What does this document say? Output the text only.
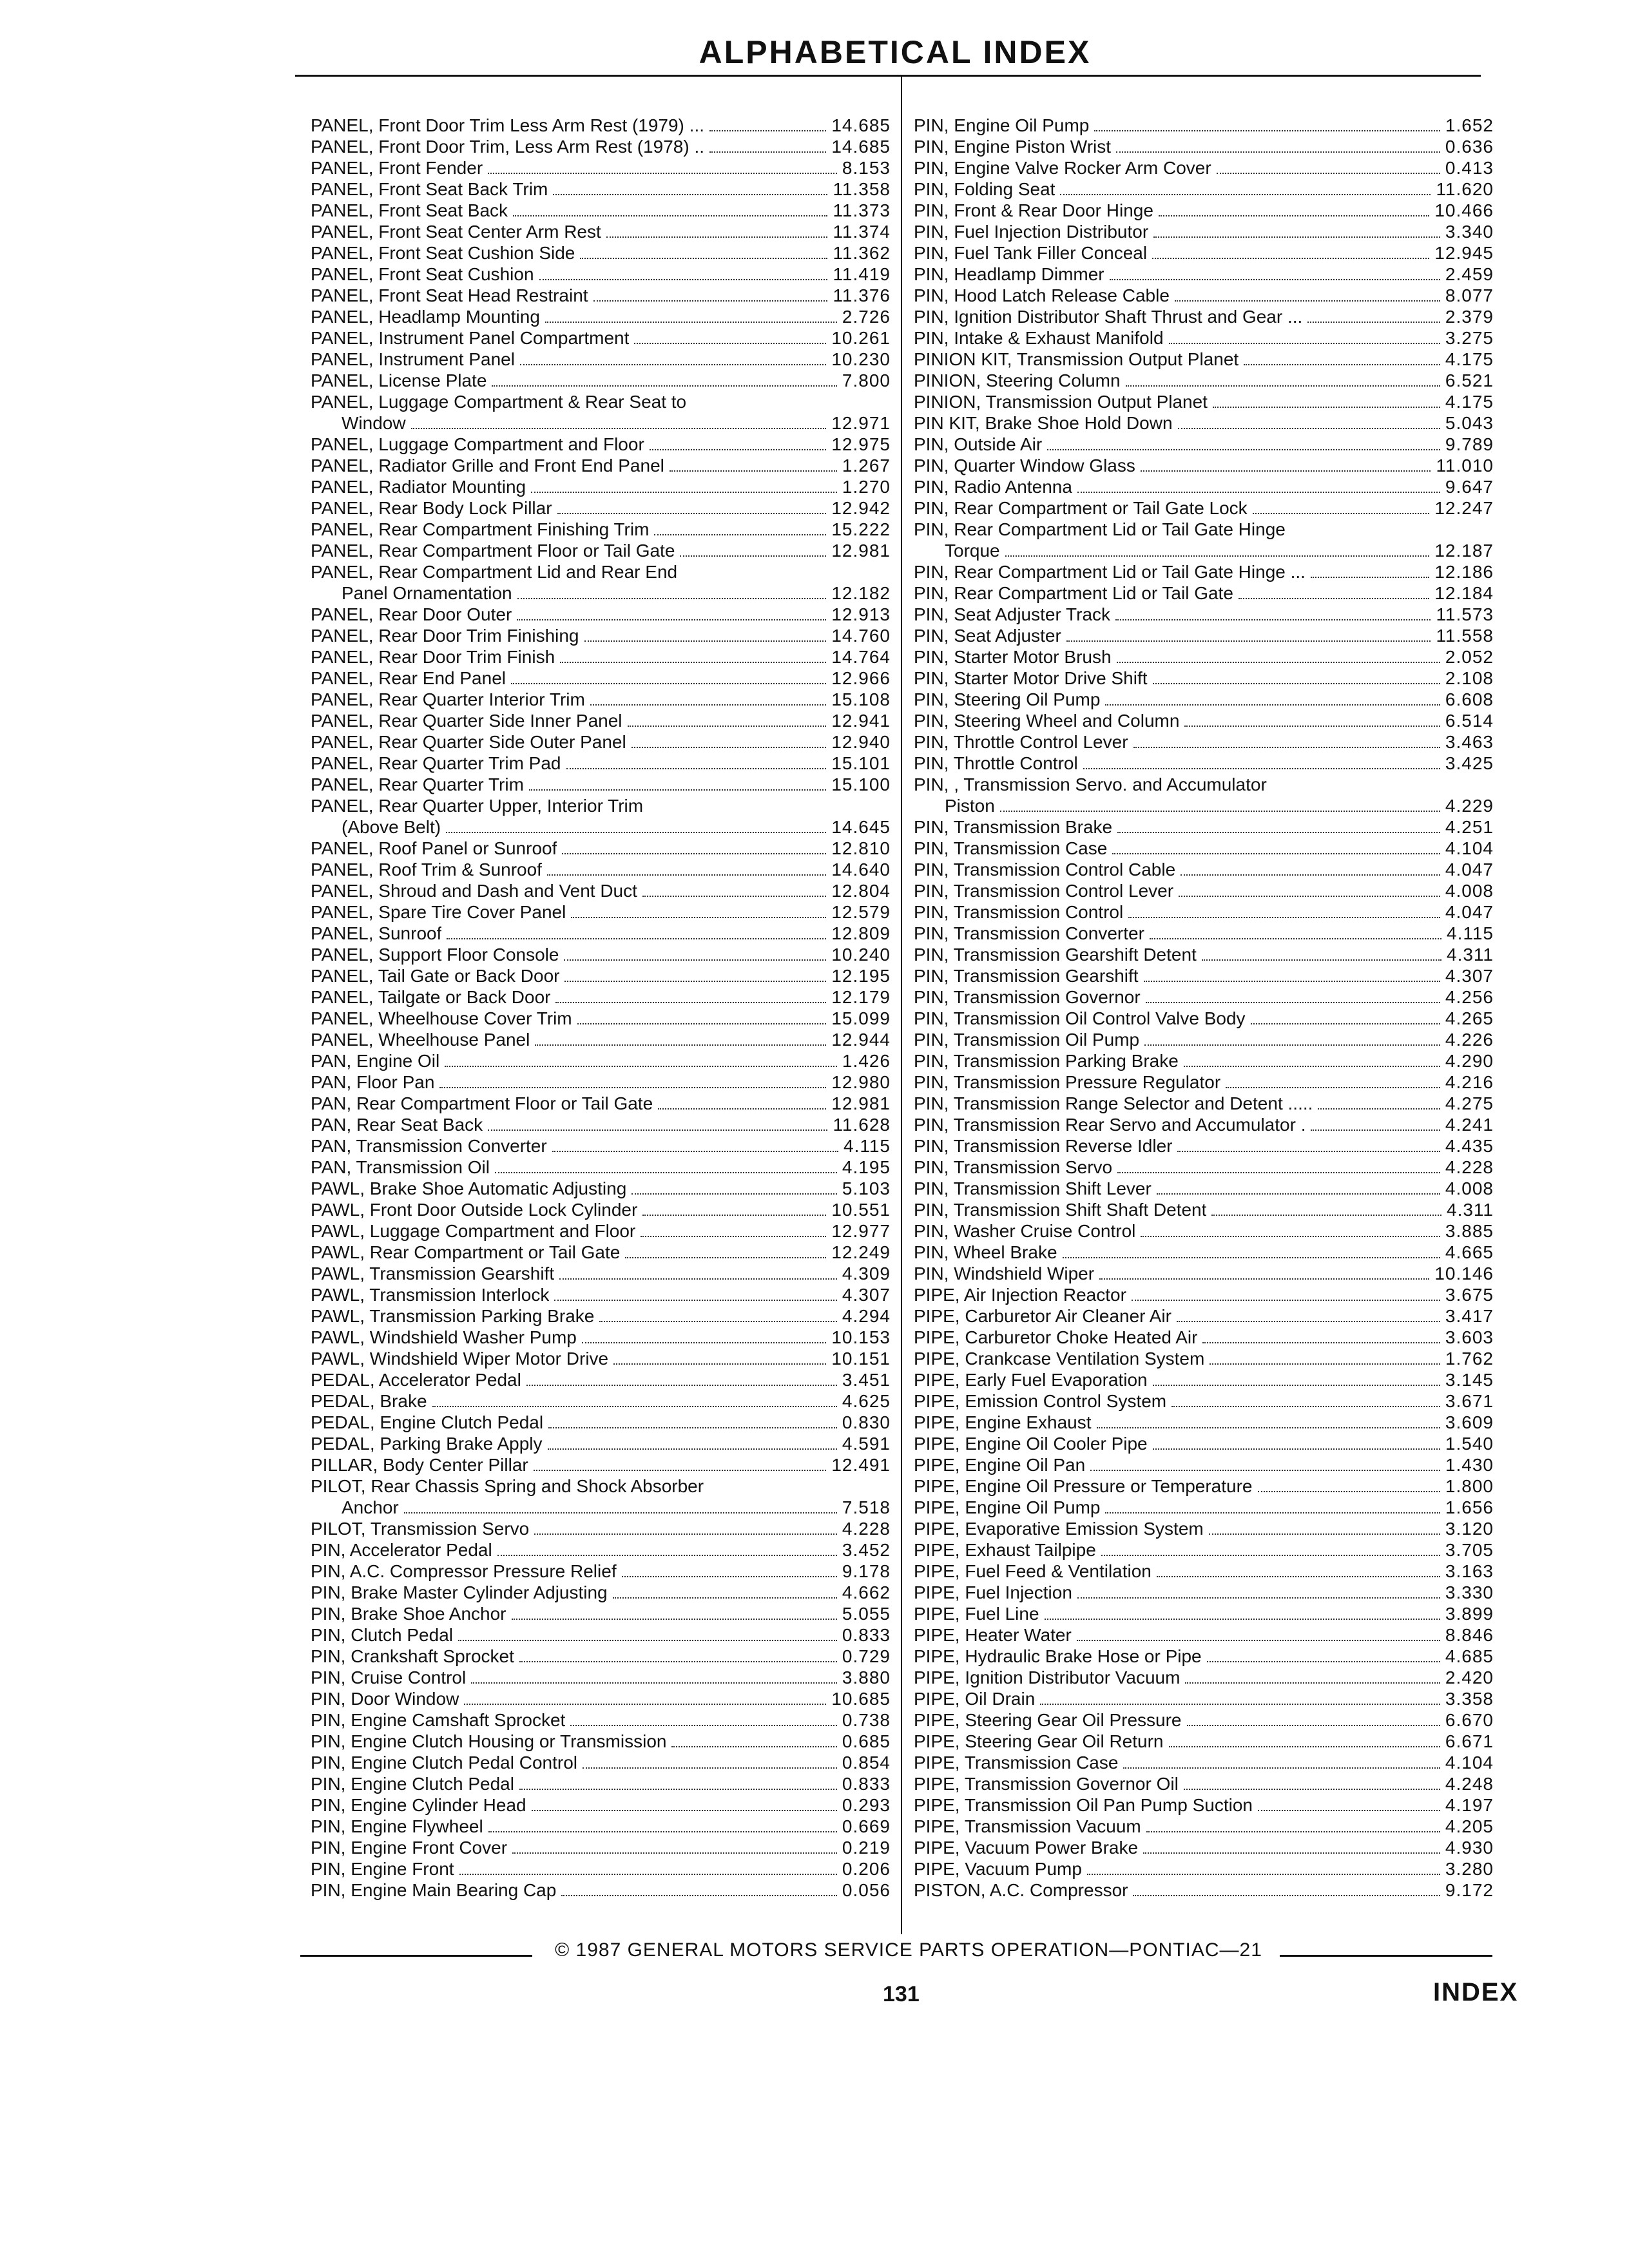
ALPHABETICAL INDEX
PANEL, Front Door Trim Less Arm Rest (1979) ...	14.685
PANEL, Front Door Trim, Less Arm Rest (1978) ..	14.685
PANEL, Front Fender	8.153
PANEL, Front Seat Back Trim	11.358
PANEL, Front Seat Back	11.373
PANEL, Front Seat Center Arm Rest	11.374
PANEL, Front Seat Cushion Side	11.362
PANEL, Front Seat Cushion	11.419
PANEL, Front Seat Head Restraint	11.376
PANEL, Headlamp Mounting	2.726
PANEL, Instrument Panel Compartment	10.261
PANEL, Instrument Panel	10.230
PANEL, License Plate	7.800
PANEL, Luggage Compartment & Rear Seat to
Window	12.971
PANEL, Luggage Compartment and Floor	12.975
PANEL, Radiator Grille and Front End Panel	1.267
PANEL, Radiator Mounting	1.270
PANEL, Rear Body Lock Pillar	12.942
PANEL, Rear Compartment Finishing Trim	15.222
PANEL, Rear Compartment Floor or Tail Gate	12.981
PANEL, Rear Compartment Lid and Rear End
Panel Ornamentation	12.182
PANEL, Rear Door Outer	12.913
PANEL, Rear Door Trim Finishing	14.760
PANEL, Rear Door Trim Finish	14.764
PANEL, Rear End Panel	12.966
PANEL, Rear Quarter Interior Trim	15.108
PANEL, Rear Quarter Side Inner Panel	12.941
PANEL, Rear Quarter Side Outer Panel	12.940
PANEL, Rear Quarter Trim Pad	15.101
PANEL, Rear Quarter Trim	15.100
PANEL, Rear Quarter Upper, Interior Trim
(Above Belt)	14.645
PANEL, Roof Panel or Sunroof	12.810
PANEL, Roof Trim & Sunroof	14.640
PANEL, Shroud and Dash and Vent Duct	12.804
PANEL, Spare Tire Cover Panel	12.579
PANEL, Sunroof	12.809
PANEL, Support Floor Console	10.240
PANEL, Tail Gate or Back Door	12.195
PANEL, Tailgate or Back Door	12.179
PANEL, Wheelhouse Cover Trim	15.099
PANEL, Wheelhouse Panel	12.944
PAN, Engine Oil	1.426
PAN, Floor Pan	12.980
PAN, Rear Compartment Floor or Tail Gate	12.981
PAN, Rear Seat Back	11.628
PAN, Transmission Converter	4.115
PAN, Transmission Oil	4.195
PAWL, Brake Shoe Automatic Adjusting	5.103
PAWL, Front Door Outside Lock Cylinder	10.551
PAWL, Luggage Compartment and Floor	12.977
PAWL, Rear Compartment or Tail Gate	12.249
PAWL, Transmission Gearshift	4.309
PAWL, Transmission Interlock	4.307
PAWL, Transmission Parking Brake	4.294
PAWL, Windshield Washer Pump	10.153
PAWL, Windshield Wiper Motor Drive	10.151
PEDAL, Accelerator Pedal	3.451
PEDAL, Brake	4.625
PEDAL, Engine Clutch Pedal	0.830
PEDAL, Parking Brake Apply	4.591
PILLAR, Body Center Pillar	12.491
PILOT, Rear Chassis Spring and Shock Absorber
Anchor	7.518
PILOT, Transmission Servo	4.228
PIN, Accelerator Pedal	3.452
PIN, A.C. Compressor Pressure Relief	9.178
PIN, Brake Master Cylinder Adjusting	4.662
PIN, Brake Shoe Anchor	5.055
PIN, Clutch Pedal	0.833
PIN, Crankshaft Sprocket	0.729
PIN, Cruise Control	3.880
PIN, Door Window	10.685
PIN, Engine Camshaft Sprocket	0.738
PIN, Engine Clutch Housing or Transmission	0.685
PIN, Engine Clutch Pedal Control	0.854
PIN, Engine Clutch Pedal	0.833
PIN, Engine Cylinder Head	0.293
PIN, Engine Flywheel	0.669
PIN, Engine Front Cover	0.219
PIN, Engine Front	0.206
PIN, Engine Main Bearing Cap	0.056
PIN, Engine Oil Pump	1.652
PIN, Engine Piston Wrist	0.636
PIN, Engine Valve Rocker Arm Cover	0.413
PIN, Folding Seat	11.620
PIN, Front & Rear Door Hinge	10.466
PIN, Fuel Injection Distributor	3.340
PIN, Fuel Tank Filler Conceal	12.945
PIN, Headlamp Dimmer	2.459
PIN, Hood Latch Release Cable	8.077
PIN, Ignition Distributor Shaft Thrust and Gear ...	2.379
PIN, Intake & Exhaust Manifold	3.275
PINION KIT, Transmission Output Planet	4.175
PINION, Steering Column	6.521
PINION, Transmission Output Planet	4.175
PIN KIT, Brake Shoe Hold Down	5.043
PIN, Outside Air	9.789
PIN, Quarter Window Glass	11.010
PIN, Radio Antenna	9.647
PIN, Rear Compartment or Tail Gate Lock	12.247
PIN, Rear Compartment Lid or Tail Gate Hinge
Torque	12.187
PIN, Rear Compartment Lid or Tail Gate Hinge ...	12.186
PIN, Rear Compartment Lid or Tail Gate	12.184
PIN, Seat Adjuster Track	11.573
PIN, Seat Adjuster	11.558
PIN, Starter Motor Brush	2.052
PIN, Starter Motor Drive Shift	2.108
PIN, Steering Oil Pump	6.608
PIN, Steering Wheel and Column	6.514
PIN, Throttle Control Lever	3.463
PIN, Throttle Control	3.425
PIN, , Transmission Servo. and Accumulator
Piston	4.229
PIN, Transmission Brake	4.251
PIN, Transmission Case	4.104
PIN, Transmission Control Cable	4.047
PIN, Transmission Control Lever	4.008
PIN, Transmission Control	4.047
PIN, Transmission Converter	4.115
PIN, Transmission Gearshift Detent	4.311
PIN, Transmission Gearshift	4.307
PIN, Transmission Governor	4.256
PIN, Transmission Oil Control Valve Body	4.265
PIN, Transmission Oil Pump	4.226
PIN, Transmission Parking Brake	4.290
PIN, Transmission Pressure Regulator	4.216
PIN, Transmission Range Selector and Detent .....	4.275
PIN, Transmission Rear Servo and Accumulator .	4.241
PIN, Transmission Reverse Idler	4.435
PIN, Transmission Servo	4.228
PIN, Transmission Shift Lever	4.008
PIN, Transmission Shift Shaft Detent	4.311
PIN, Washer Cruise Control	3.885
PIN, Wheel Brake	4.665
PIN, Windshield Wiper	10.146
PIPE, Air Injection Reactor	3.675
PIPE, Carburetor Air Cleaner Air	3.417
PIPE, Carburetor Choke Heated Air	3.603
PIPE, Crankcase Ventilation System	1.762
PIPE, Early Fuel Evaporation	3.145
PIPE, Emission Control System	3.671
PIPE, Engine Exhaust	3.609
PIPE, Engine Oil Cooler Pipe	1.540
PIPE, Engine Oil Pan	1.430
PIPE, Engine Oil Pressure or Temperature	1.800
PIPE, Engine Oil Pump	1.656
PIPE, Evaporative Emission System	3.120
PIPE, Exhaust Tailpipe	3.705
PIPE, Fuel Feed & Ventilation	3.163
PIPE, Fuel Injection	3.330
PIPE, Fuel Line	3.899
PIPE, Heater Water	8.846
PIPE, Hydraulic Brake Hose or Pipe	4.685
PIPE, Ignition Distributor Vacuum	2.420
PIPE, Oil Drain	3.358
PIPE, Steering Gear Oil Pressure	6.670
PIPE, Steering Gear Oil Return	6.671
PIPE, Transmission Case	4.104
PIPE, Transmission Governor Oil	4.248
PIPE, Transmission Oil Pan Pump Suction	4.197
PIPE, Transmission Vacuum	4.205
PIPE, Vacuum Power Brake	4.930
PIPE, Vacuum Pump	3.280
PISTON, A.C. Compressor	9.172
© 1987 GENERAL MOTORS SERVICE PARTS OPERATION—PONTIAC—21
131	INDEX
